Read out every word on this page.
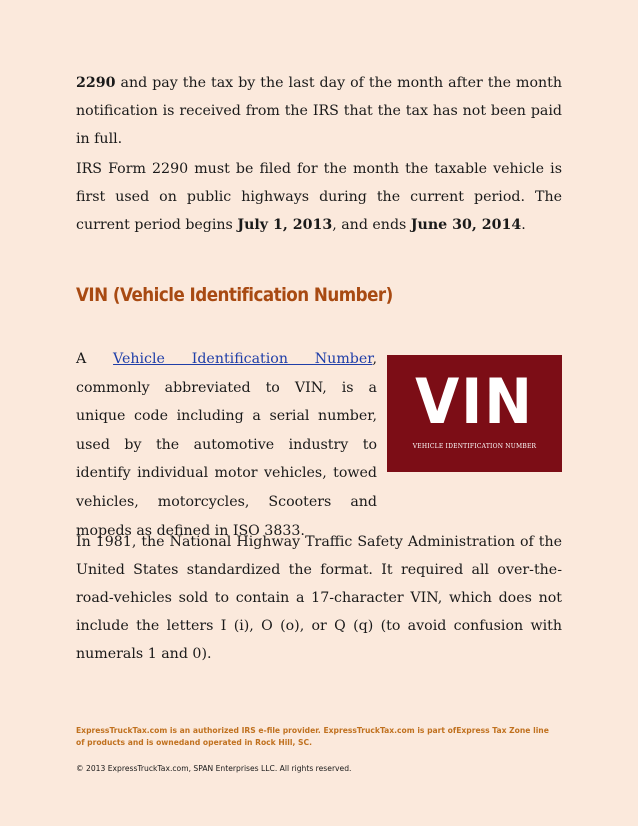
2290 and pay the tax by the last day of the month after the month notification is received from the IRS that the tax has not been paid in full.

IRS Form 2290 must be filed for the month the taxable vehicle is first used on public highways during the current period. The current period begins July 1, 2013, and ends June 30, 2014.

VIN (Vehicle Identification Number)

A Vehicle Identification Number, commonly abbreviated to VIN, is a unique code including a serial number, used by the automotive industry to identify individual motor vehicles, towed vehicles, motorcycles, Scooters and mopeds as defined in ISO 3833.

VIN
VEHICLE IDENTIFICATION NUMBER

In 1981, the National Highway Traffic Safety Administration of the United States standardized the format. It required all over-the-road-vehicles sold to contain a 17-character VIN, which does not include the letters I (i), O (o), or Q (q) (to avoid confusion with numerals 1 and 0).

ExpressTruckTax.com is an authorized IRS e-file provider. ExpressTruckTax.com is part ofExpress Tax Zone line of products and is ownedand operated in Rock Hill, SC.

© 2013 ExpressTruckTax.com, SPAN Enterprises LLC. All rights reserved.
